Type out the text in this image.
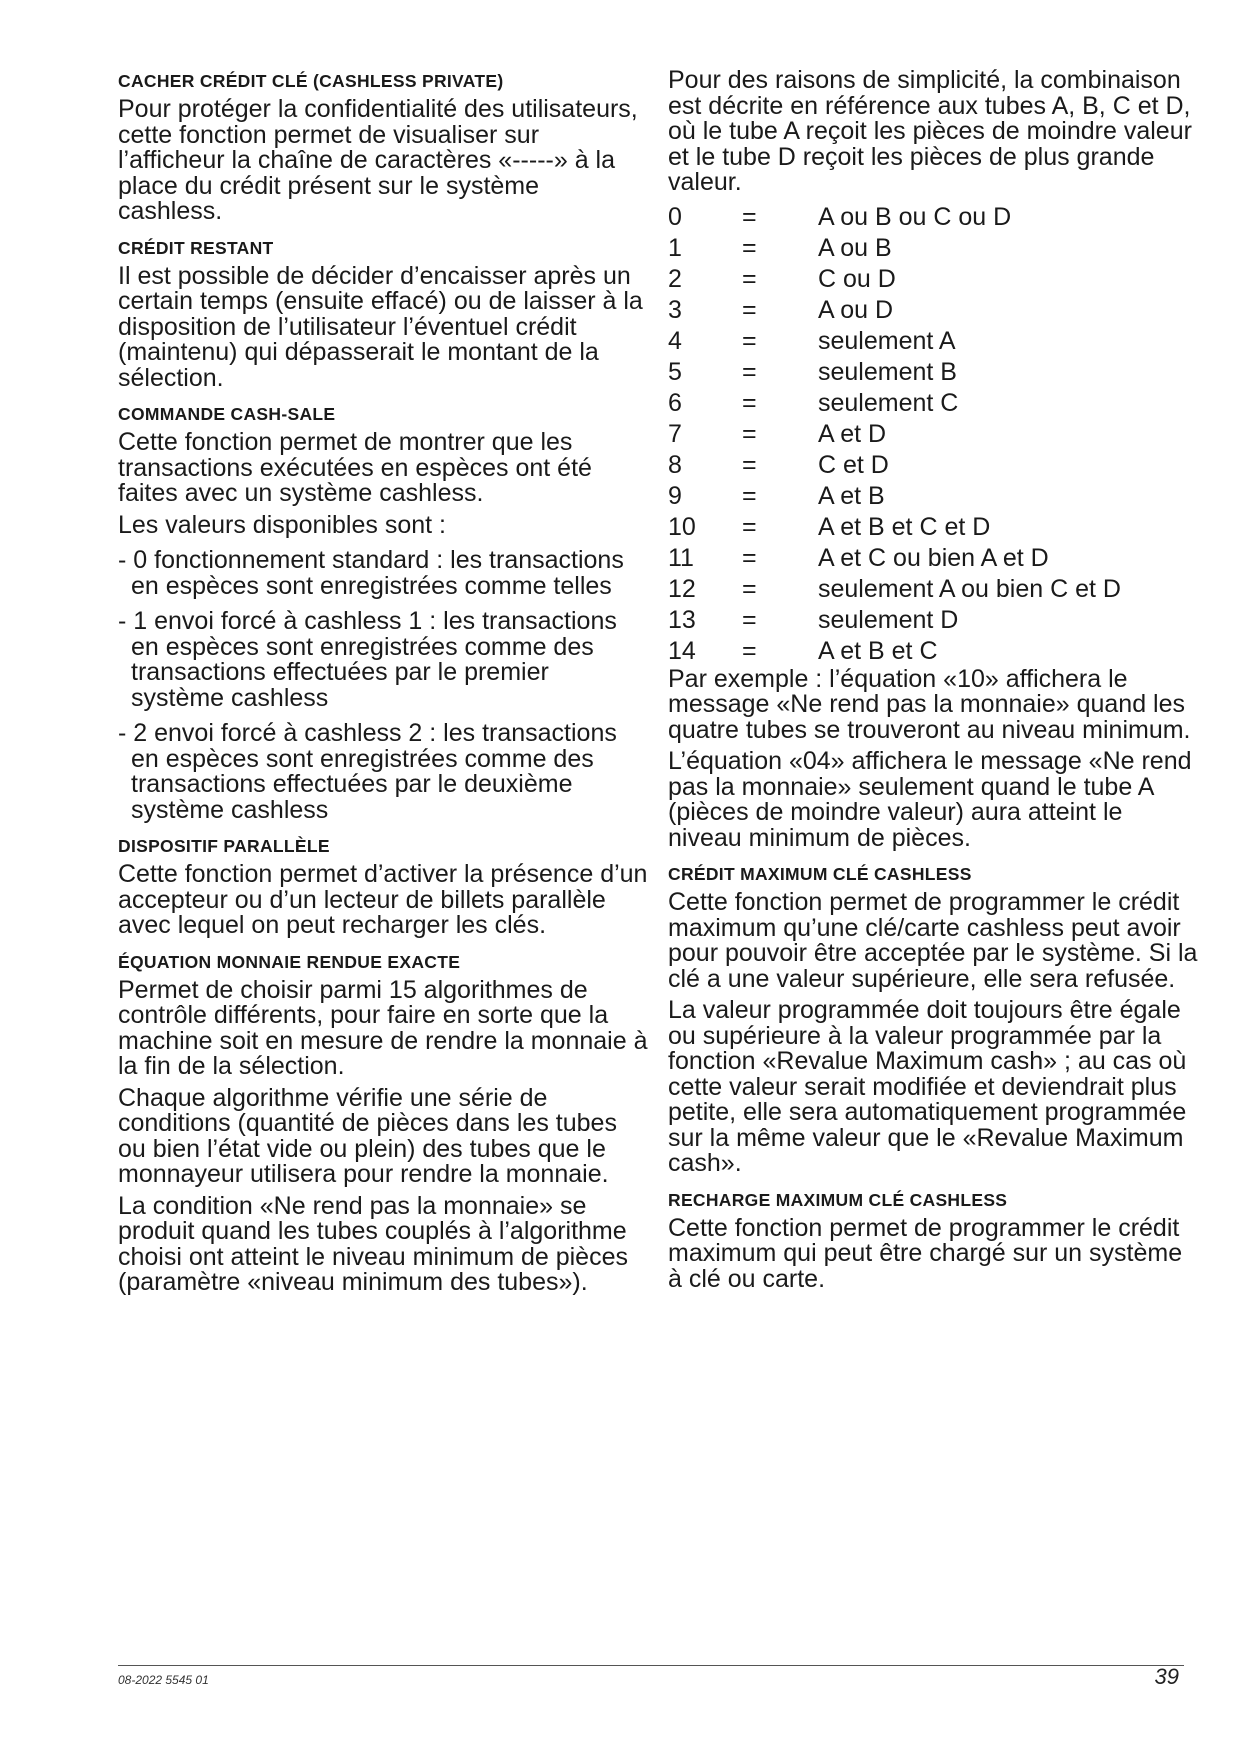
CACHER CRÉDIT CLÉ (CASHLESS PRIVATE)
Pour protéger la confidentialité des utilisateurs, cette fonction permet de visualiser sur l’afficheur la chaîne de caractères «-----» à la place du crédit présent sur le système cashless.
CRÉDIT RESTANT
Il est possible de décider d’encaisser après un certain temps (ensuite effacé) ou de laisser à la disposition de l’utilisateur l’éventuel crédit (maintenu) qui dépasserait le montant de la sélection.
COMMANDE CASH-SALE
Cette fonction permet de montrer que les transactions exécutées en espèces ont été faites avec un système cashless.
Les valeurs disponibles sont :
- 0 fonctionnement standard : les transactions en espèces sont enregistrées comme telles
- 1 envoi forcé à cashless 1 : les transactions en espèces sont enregistrées comme des transactions effectuées par le premier système cashless
- 2 envoi forcé à cashless 2 : les transactions en espèces sont enregistrées comme des transactions effectuées par le deuxième système cashless
DISPOSITIF PARALLÈLE
Cette fonction permet d’activer la présence d’un accepteur ou d’un lecteur de billets parallèle avec lequel on peut recharger les clés.
ÉQUATION MONNAIE RENDUE EXACTE
Permet de choisir parmi 15 algorithmes de contrôle différents, pour faire en sorte que la machine soit en mesure de rendre la monnaie à la fin de la sélection.
Chaque algorithme vérifie une série de conditions (quantité de pièces dans les tubes ou bien l’état vide ou plein) des tubes que le monnayeur utilisera pour rendre la monnaie.
La condition «Ne rend pas la monnaie» se produit quand les tubes couplés à l’algorithme choisi ont atteint le niveau minimum de pièces (paramètre «niveau minimum des tubes»).
Pour des raisons de simplicité, la combinaison est décrite en référence aux tubes A, B, C et D, où le tube A reçoit les pièces de moindre valeur et le tube D reçoit les pièces de plus grande valeur.
0	=	A ou B ou C ou D
1	=	A ou B
2	=	C ou D
3	=	A ou D
4	=	seulement A
5	=	seulement B
6	=	seulement C
7	=	A et D
8	=	C et D
9	=	A et B
10	=	A et B et C et D
11	=	A et C ou bien A et D
12	=	seulement A ou bien C et D
13	=	seulement D
14	=	A et B et C
Par exemple : l’équation «10» affichera le message «Ne rend pas la monnaie» quand les quatre tubes se trouveront au niveau minimum.
L’équation «04» affichera le message «Ne rend pas la monnaie» seulement quand le tube A (pièces de moindre valeur) aura atteint le niveau minimum de pièces.
CRÉDIT MAXIMUM CLÉ CASHLESS
Cette fonction permet de programmer le crédit maximum qu’une clé/carte cashless peut avoir pour pouvoir être acceptée par le système. Si la clé a une valeur supérieure, elle sera refusée.
La valeur programmée doit toujours être égale ou supérieure à la valeur programmée par la fonction «Revalue Maximum cash» ; au cas où cette valeur serait modifiée et deviendrait plus petite, elle sera automatiquement programmée sur la même valeur que le «Revalue Maximum cash».
RECHARGE MAXIMUM CLÉ CASHLESS
Cette fonction permet de programmer le crédit maximum qui peut être chargé sur un système à clé ou carte.
08-2022 5545 01	39
